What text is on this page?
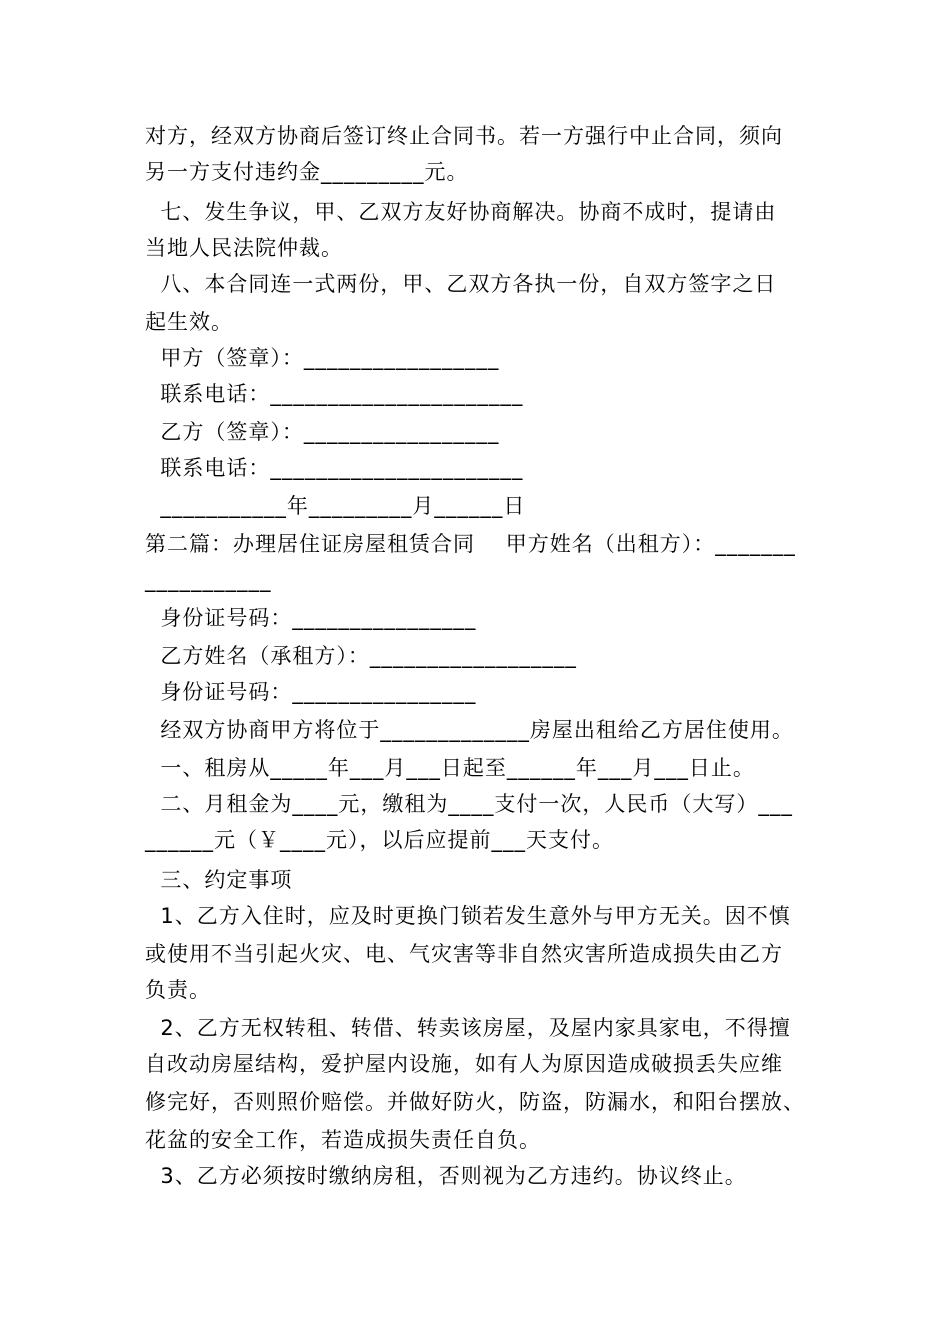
对方，经双方协商后签订终止合同书。若一方强行中止合同，须向
另一方支付违约金_________元。
七、发生争议，甲、乙双方友好协商解决。协商不成时，提请由
当地人民法院仲裁。
八、本合同连一式两份，甲、乙双方各执一份，自双方签字之日
起生效。
甲方（签章）：_________________
联系电话：______________________
乙方（签章）：_________________
联系电话：______________________
___________年_________月______日
第二篇：办理居住证房屋租赁合同    甲方姓名（出租方）：_______
___________
身份证号码：________________
乙方姓名（承租方）：__________________
身份证号码：________________
经双方协商甲方将位于_____________房屋出租给乙方居住使用。
一、租房从_____年___月___日起至______年___月___日止。
二、月租金为____元，缴租为____支付一次，人民币（大写）___
______元（￥____元），以后应提前___天支付。
三、约定事项
1、乙方入住时，应及时更换门锁若发生意外与甲方无关。因不慎
或使用不当引起火灾、电、气灾害等非自然灾害所造成损失由乙方
负责。
2、乙方无权转租、转借、转卖该房屋，及屋内家具家电，不得擅
自改动房屋结构，爱护屋内设施，如有人为原因造成破损丢失应维
修完好，否则照价赔偿。并做好防火，防盗，防漏水，和阳台摆放、
花盆的安全工作，若造成损失责任自负。
3、乙方必须按时缴纳房租，否则视为乙方违约。协议终止。
